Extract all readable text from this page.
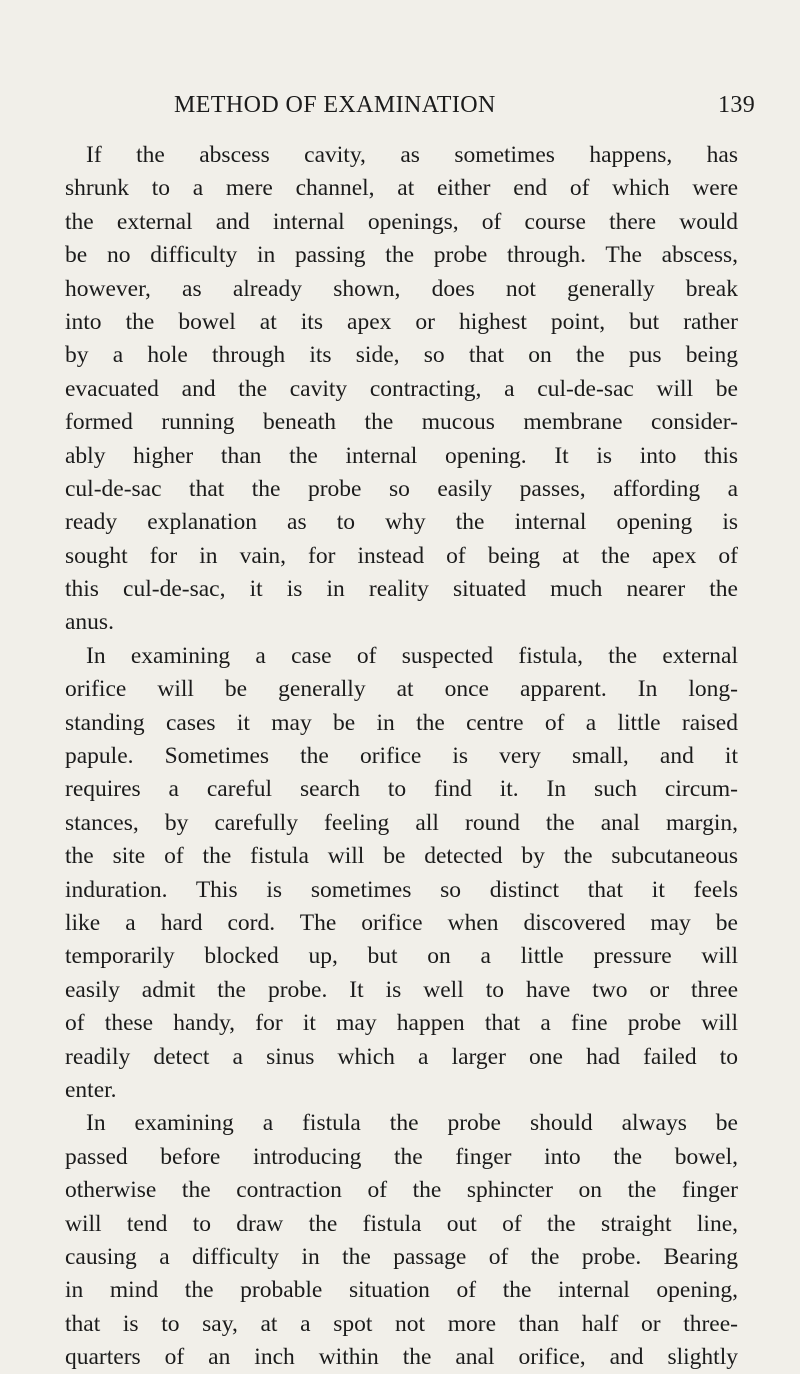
METHOD OF EXAMINATION	139
If the abscess cavity, as sometimes happens, has
shrunk to a mere channel, at either end of which were
the external and internal openings, of course there would
be no difficulty in passing the probe through. The abscess,
however, as already shown, does not generally break
into the bowel at its apex or highest point, but rather
by a hole through its side, so that on the pus being
evacuated and the cavity contracting, a cul-de-sac will be
formed running beneath the mucous membrane consider-
ably higher than the internal opening. It is into this
cul-de-sac that the probe so easily passes, affording a
ready explanation as to why the internal opening is
sought for in vain, for instead of being at the apex of
this cul-de-sac, it is in reality situated much nearer the
anus.
In examining a case of suspected fistula, the external
orifice will be generally at once apparent. In long-
standing cases it may be in the centre of a little raised
papule. Sometimes the orifice is very small, and it
requires a careful search to find it. In such circum-
stances, by carefully feeling all round the anal margin,
the site of the fistula will be detected by the subcutaneous
induration. This is sometimes so distinct that it feels
like a hard cord. The orifice when discovered may be
temporarily blocked up, but on a little pressure will
easily admit the probe. It is well to have two or three
of these handy, for it may happen that a fine probe will
readily detect a sinus which a larger one had failed to
enter.
In examining a fistula the probe should always be
passed before introducing the finger into the bowel,
otherwise the contraction of the sphincter on the finger
will tend to draw the fistula out of the straight line,
causing a difficulty in the passage of the probe. Bearing
in mind the probable situation of the internal opening,
that is to say, at a spot not more than half or three-
quarters of an inch within the anal orifice, and slightly
